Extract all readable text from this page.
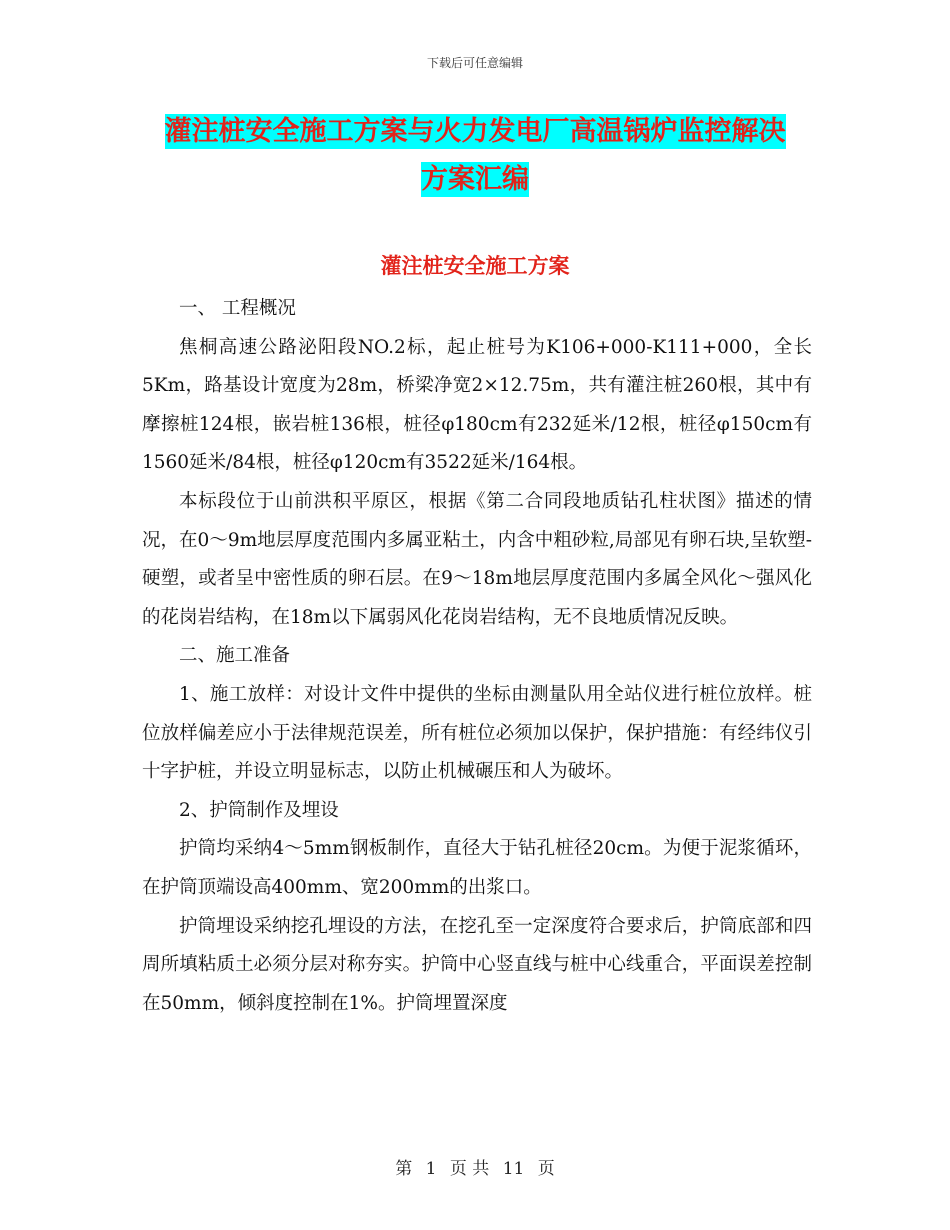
下载后可任意编辑
灌注桩安全施工方案与火力发电厂高温锅炉监控解决
方案汇编
灌注桩安全施工方案

一、 工程概况

焦桐高速公路泌阳段NO.2标，起止桩号为K106+000-K111+000，全长5Km，路基设计宽度为28m，桥梁净宽2×12.75m，共有灌注桩260根，其中有摩擦桩124根，嵌岩桩136根，桩径φ180cm有232延米/12根，桩径φ150cm有1560延米/84根，桩径φ120cm有3522延米/164根。

本标段位于山前洪积平原区，根据《第二合同段地质钻孔柱状图》描述的情况，在0～9m地层厚度范围内多属亚粘土，内含中粗砂粒,局部见有卵石块,呈软塑-硬塑，或者呈中密性质的卵石层。在9～18m地层厚度范围内多属全风化～强风化的花岗岩结构，在18m以下属弱风化花岗岩结构，无不良地质情况反映。

二、施工准备

1、施工放样：对设计文件中提供的坐标由测量队用全站仪进行桩位放样。桩位放样偏差应小于法律规范误差，所有桩位必须加以保护，保护措施：有经纬仪引十字护桩，并设立明显标志，以防止机械碾压和人为破坏。

2、护筒制作及埋设

护筒均采纳4～5mm钢板制作，直径大于钻孔桩径20cm。为便于泥浆循环，在护筒顶端设高400mm、宽200mm的出浆口。

护筒埋设采纳挖孔埋设的方法，在挖孔至一定深度符合要求后，护筒底部和四周所填粘质土必须分层对称夯实。护筒中心竖直线与桩中心线重合，平面误差控制在50mm，倾斜度控制在1%。护筒埋置深度

第 1 页 共 11 页
